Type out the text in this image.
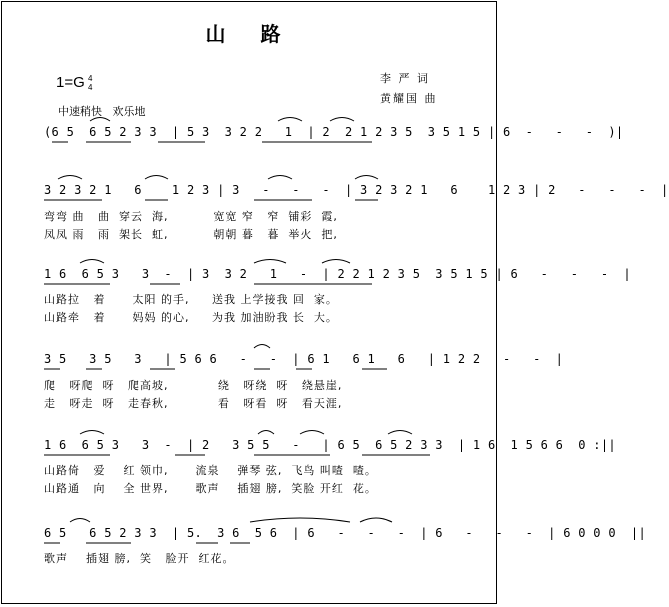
山 路
李 严 词
黄耀国 曲
1=G 4
4
中速稍快   欢乐地
(6 5  6 5 2 3 3  | 5 3  3 2 2   1  | 2  2 1 2 3 5  3 5 1 5 | 6  -   -   -  )|
3 2 3 2 1   6    1 2 3 | 3   -   -   -  | 3 2 3 2 1   6    1 2 3 | 2   -   -   -  |
弯弯 曲   曲  穿云  海,          宽宽 窄   窄  铺彩  霞,
凤凤 雨   雨  架长  虹,          朝朝 暮   暮  举火  把,
1 6  6 5 3   3  -  | 3  3 2   1   -  | 2 2 1 2 3 5  3 5 1 5 | 6   -   -   -  |
山路拉   着      太阳 的手,     送我 上学接我 回  家。
山路牵   着      妈妈 的心,     为我 加油盼我 长  大。
3 5   3 5   3   | 5 6 6   -   -  | 6 1   6 1   6   | 1 2 2   -   -  |
爬   呀爬  呀   爬高坡,           绕   呀绕  呀   绕悬崖,
走   呀走  呀   走春秋,           看   呀看  呀   看天涯,
1 6  6 5 3   3  -  | 2   3 5 5   -   | 6 5  6 5 2 3 3  | 1 6  1 5 6 6  0 :||
山路倚   爱    红 领巾,      流泉    弹琴 弦,  飞鸟 叫喳  喳。
山路通   向    全 世界,      歌声    插翅 膀,  笑脸 开红  花。
6 5   6 5 2 3 3  | 5.  3 6  5 6  | 6   -   -   -  | 6   -   -   -  | 6 0 0 0  ||
歌声    插翅 膀,  笑   脸开  红花。
